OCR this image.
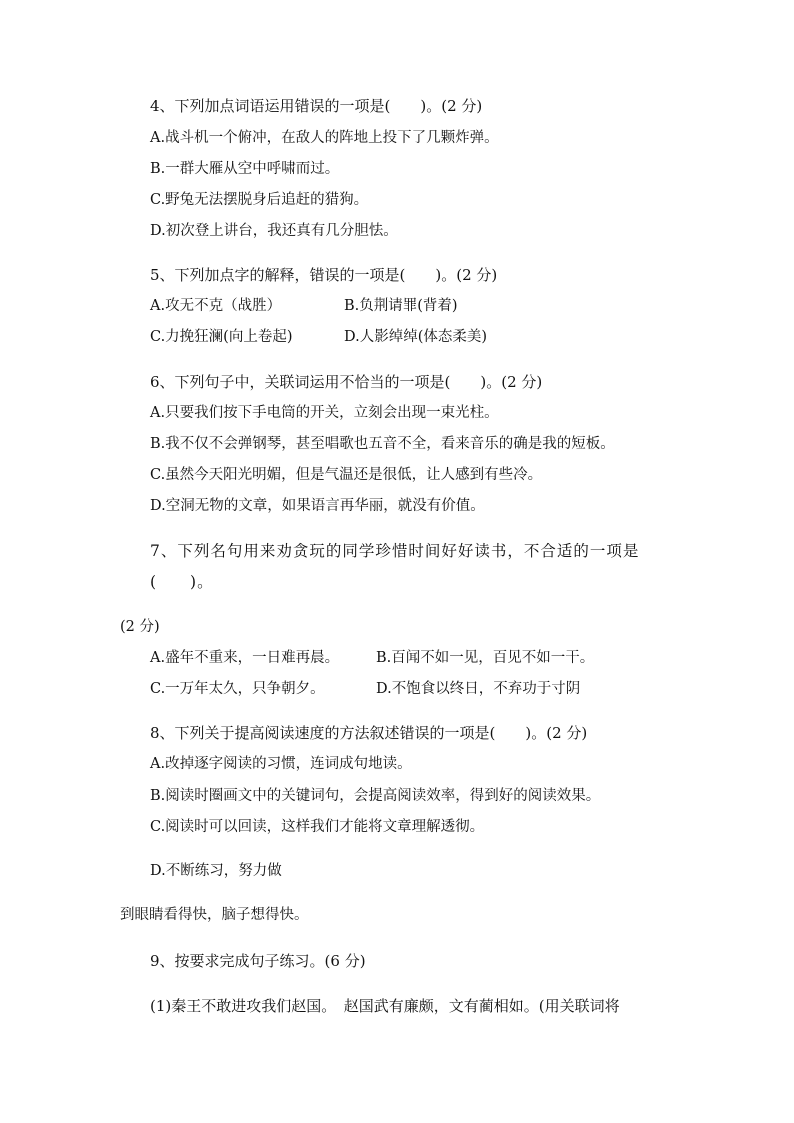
4、下列加点词语运用错误的一项是(　　)。(2 分)
A.战斗机一个俯冲，在敌人的阵地上投下了几颗炸弹。
B.一群大雁从空中呼啸而过。
C.野兔无法摆脱身后追赶的猎狗。
D.初次登上讲台，我还真有几分胆怯。
5、下列加点字的解释，错误的一项是(　　)。(2 分)
A.攻无不克（战胜）	B.负荆请罪(背着)
C.力挽狂澜(向上卷起)	D.人影绰绰(体态柔美)
6、下列句子中，关联词运用不恰当的一项是(　　)。(2 分)
A.只要我们按下手电筒的开关，立刻会出现一束光柱。
B.我不仅不会弹钢琴，甚至唱歌也五音不全，看来音乐的确是我的短板。
C.虽然今天阳光明媚，但是气温还是很低，让人感到有些冷。
D.空洞无物的文章，如果语言再华丽，就没有价值。
7、下列名句用来劝贪玩的同学珍惜时间好好读书，不合适的一项是
(　　)。
(2 分)
A.盛年不重来，一日难再晨。	B.百闻不如一见，百见不如一干。
C.一万年太久，只争朝夕。	D.不饱食以终日，不弃功于寸阴
8、下列关于提高阅读速度的方法叙述错误的一项是(　　)。(2 分)
A.改掉逐字阅读的习惯，连词成句地读。
B.阅读时圈画文中的关键词句，会提高阅读效率，得到好的阅读效果。
C.阅读时可以回读，这样我们才能将文章理解透彻。
D.不断练习，努力做
到眼睛看得快，脑子想得快。
9、按要求完成句子练习。(6 分)
(1)秦王不敢进攻我们赵国。　赵国武有廉颇，文有蔺相如。(用关联词将
